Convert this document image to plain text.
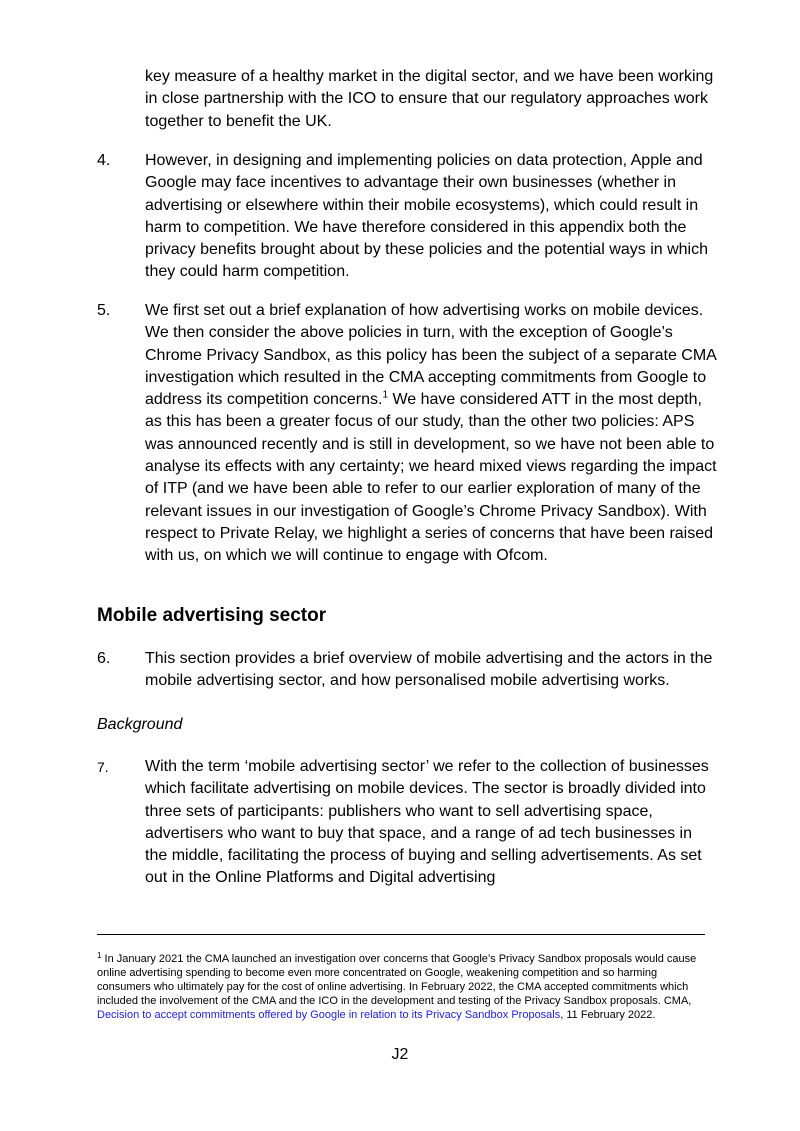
key measure of a healthy market in the digital sector, and we have been working in close partnership with the ICO to ensure that our regulatory approaches work together to benefit the UK.
4.	However, in designing and implementing policies on data protection, Apple and Google may face incentives to advantage their own businesses (whether in advertising or elsewhere within their mobile ecosystems), which could result in harm to competition. We have therefore considered in this appendix both the privacy benefits brought about by these policies and the potential ways in which they could harm competition.
5.	We first set out a brief explanation of how advertising works on mobile devices. We then consider the above policies in turn, with the exception of Google’s Chrome Privacy Sandbox, as this policy has been the subject of a separate CMA investigation which resulted in the CMA accepting commitments from Google to address its competition concerns.$^1$ We have considered ATT in the most depth, as this has been a greater focus of our study, than the other two policies: APS was announced recently and is still in development, so we have not been able to analyse its effects with any certainty; we heard mixed views regarding the impact of ITP (and we have been able to refer to our earlier exploration of many of the relevant issues in our investigation of Google’s Chrome Privacy Sandbox). With respect to Private Relay, we highlight a series of concerns that have been raised with us, on which we will continue to engage with Ofcom.
Mobile advertising sector
6.	This section provides a brief overview of mobile advertising and the actors in the mobile advertising sector, and how personalised mobile advertising works.
Background
7.	With the term ‘mobile advertising sector’ we refer to the collection of businesses which facilitate advertising on mobile devices. The sector is broadly divided into three sets of participants: publishers who want to sell advertising space, advertisers who want to buy that space, and a range of ad tech businesses in the middle, facilitating the process of buying and selling advertisements. As set out in the Online Platforms and Digital advertising
$^1$ In January 2021 the CMA launched an investigation over concerns that Google’s Privacy Sandbox proposals would cause online advertising spending to become even more concentrated on Google, weakening competition and so harming consumers who ultimately pay for the cost of online advertising. In February 2022, the CMA accepted commitments which included the involvement of the CMA and the ICO in the development and testing of the Privacy Sandbox proposals. CMA, Decision to accept commitments offered by Google in relation to its Privacy Sandbox Proposals, 11 February 2022.
J2
